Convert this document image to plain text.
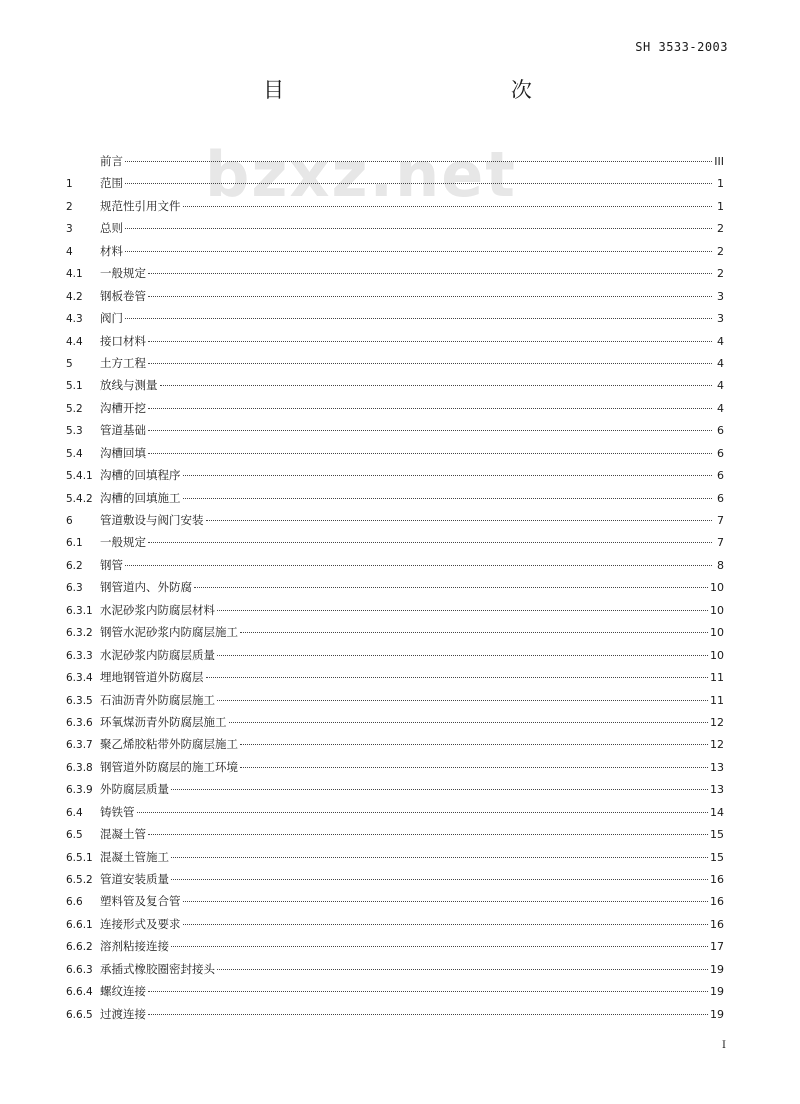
SH 3533-2003
目 次
bzxz.net
前言	III
1	范围	1
2	规范性引用文件	1
3	总则	2
4	材料	2
4.1	一般规定	2
4.2	钢板卷管	3
4.3	阀门	3
4.4	接口材料	4
5	土方工程	4
5.1	放线与测量	4
5.2	沟槽开挖	4
5.3	管道基础	6
5.4	沟槽回填	6
5.4.1 沟槽的回填程序	6
5.4.2 沟槽的回填施工	6
6	管道敷设与阀门安装	7
6.1	一般规定	7
6.2	钢管	8
6.3	钢管道内、外防腐	10
6.3.1 水泥砂浆内防腐层材料	10
6.3.2 钢管水泥砂浆内防腐层施工	10
6.3.3 水泥砂浆内防腐层质量	10
6.3.4 埋地钢管道外防腐层	11
6.3.5 石油沥青外防腐层施工	11
6.3.6 环氧煤沥青外防腐层施工	12
6.3.7 聚乙烯胶粘带外防腐层施工	12
6.3.8 钢管道外防腐层的施工环境	13
6.3.9 外防腐层质量	13
6.4	铸铁管	14
6.5	混凝土管	15
6.5.1 混凝土管施工	15
6.5.2 管道安装质量	16
6.6	塑料管及复合管	16
6.6.1 连接形式及要求	16
6.6.2 溶剂粘接连接	17
6.6.3 承插式橡胶圈密封接头	19
6.6.4 螺纹连接	19
6.6.5 过渡连接	19
I
